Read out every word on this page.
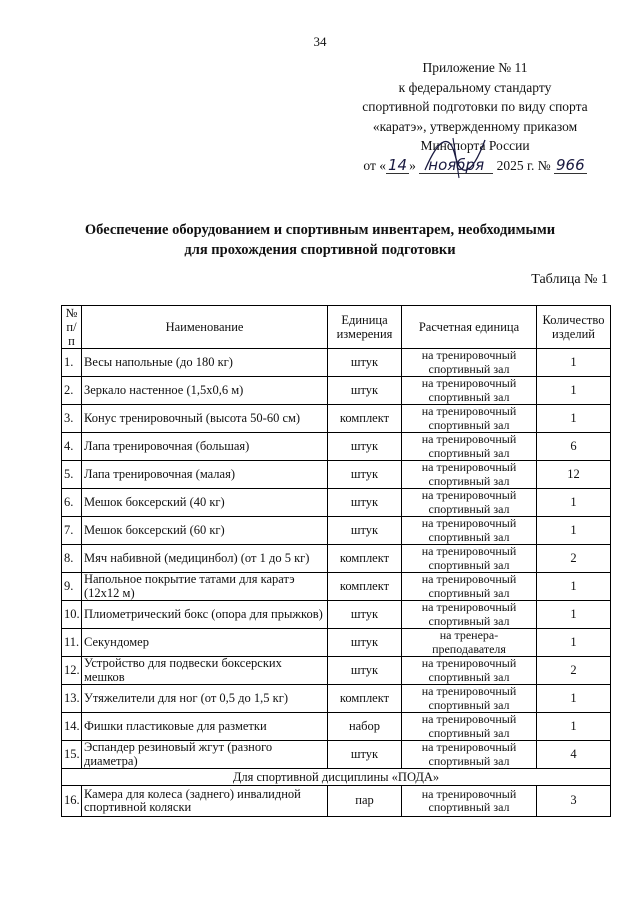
34
Приложение № 11
к федеральному стандарту
спортивной подготовки по виду спорта
«каратэ», утвержденному приказом
Минспорта России
от « 14 » ноября 2025 г. № 966
Обеспечение оборудованием и спортивным инвентарем, необходимыми
для прохождения спортивной подготовки
Таблица № 1
№ п/п	Наименование	Единица измерения	Расчетная единица	Количество изделий
1.	Весы напольные (до 180 кг)	штук	на тренировочный спортивный зал	1
2.	Зеркало настенное (1,5х0,6 м)	штук	на тренировочный спортивный зал	1
3.	Конус тренировочный (высота 50-60 см)	комплект	на тренировочный спортивный зал	1
4.	Лапа тренировочная (большая)	штук	на тренировочный спортивный зал	6
5.	Лапа тренировочная (малая)	штук	на тренировочный спортивный зал	12
6.	Мешок боксерский (40 кг)	штук	на тренировочный спортивный зал	1
7.	Мешок боксерский (60 кг)	штук	на тренировочный спортивный зал	1
8.	Мяч набивной (медицинбол) (от 1 до 5 кг)	комплект	на тренировочный спортивный зал	2
9.	Напольное покрытие татами для каратэ (12х12 м)	комплект	на тренировочный спортивный зал	1
10.	Плиометрический бокс (опора для прыжков)	штук	на тренировочный спортивный зал	1
11.	Секундомер	штук	на тренера-преподавателя	1
12.	Устройство для подвески боксерских мешков	штук	на тренировочный спортивный зал	2
13.	Утяжелители для ног (от 0,5 до 1,5 кг)	комплект	на тренировочный спортивный зал	1
14.	Фишки пластиковые для разметки	набор	на тренировочный спортивный зал	1
15.	Эспандер резиновый жгут (разного диаметра)	штук	на тренировочный спортивный зал	4
Для спортивной дисциплины «ПОДА»				
16.	Камера для колеса (заднего) инвалидной спортивной коляски	пар	на тренировочный спортивный зал	3
